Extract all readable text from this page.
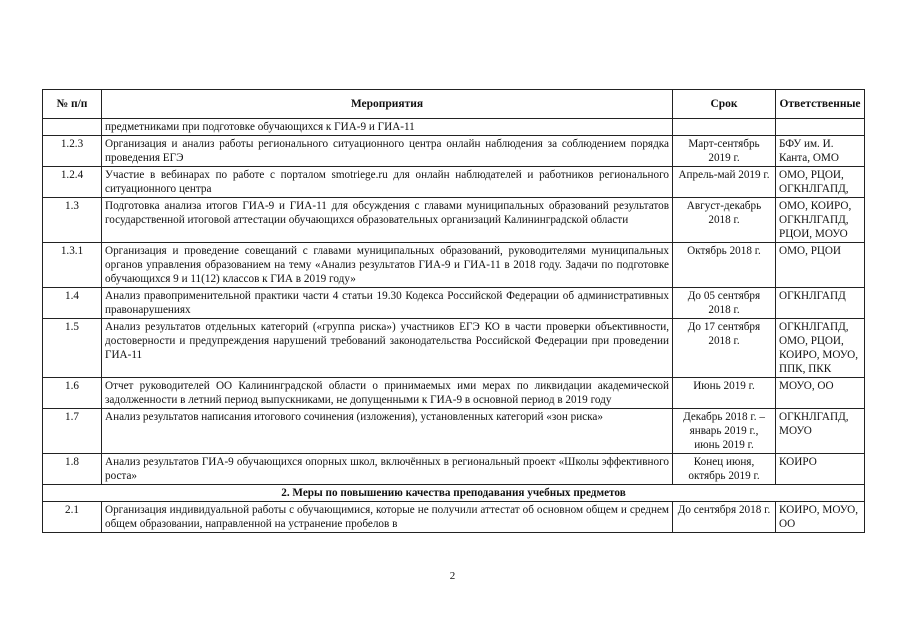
№ п/п	Мероприятия	Срок	Ответственные
	предметниками при подготовке обучающихся к ГИА-9 и ГИА-11		
1.2.3	Организация и анализ работы регионального ситуационного центра онлайн наблюдения за соблюдением порядка проведения ЕГЭ	Март-сентябрь 2019 г.	БФУ им. И. Канта, ОМО
1.2.4	Участие в вебинарах по работе с порталом smotriege.ru для онлайн наблюдателей и работников регионального ситуационного центра	Апрель-май 2019 г.	ОМО, РЦОИ, ОГКНЛГАПД,
1.3	Подготовка анализа итогов ГИА-9 и ГИА-11 для обсуждения с главами муниципальных образований результатов государственной итоговой аттестации обучающихся образовательных организаций Калининградской области	Август-декабрь 2018 г.	ОМО, КОИРО, ОГКНЛГАПД, РЦОИ, МОУО
1.3.1	Организация и проведение совещаний с главами муниципальных образований, руководителями муниципальных органов управления образованием на тему «Анализ результатов ГИА-9 и ГИА-11 в 2018 году. Задачи по подготовке обучающихся 9 и 11(12) классов к ГИА в 2019 году»	Октябрь 2018 г.	ОМО, РЦОИ
1.4	Анализ правоприменительной практики части 4 статьи 19.30 Кодекса Российской Федерации об административных правонарушениях	До 05 сентября 2018 г.	ОГКНЛГАПД
1.5	Анализ результатов отдельных категорий («группа риска») участников ЕГЭ КО в части проверки объективности, достоверности и предупреждения нарушений требований законодательства Российской Федерации при проведении ГИА-11	До 17 сентября 2018 г.	ОГКНЛГАПД, ОМО, РЦОИ, КОИРО, МОУО, ППК, ПКК
1.6	Отчет руководителей ОО Калининградской области о принимаемых ими мерах по ликвидации академической задолженности в летний период выпускниками, не допущенными к ГИА-9 в основной период в 2019 году	Июнь 2019 г.	МОУО, ОО
1.7	Анализ результатов написания итогового сочинения (изложения), установленных категорий «зон риска»	Декабрь 2018 г. – январь 2019 г., июнь 2019 г.	ОГКНЛГАПД, МОУО
1.8	Анализ результатов ГИА-9 обучающихся опорных школ, включённых в региональный проект «Школы эффективного роста»	Конец июня, октябрь 2019 г.	КОИРО
2. Меры по повышению качества преподавания учебных предметов			
2.1	Организация индивидуальной работы с обучающимися, которые не получили аттестат об основном общем и среднем общем образовании, направленной на устранение пробелов в	До сентября 2018 г.	КОИРО, МОУО, ОО
2
